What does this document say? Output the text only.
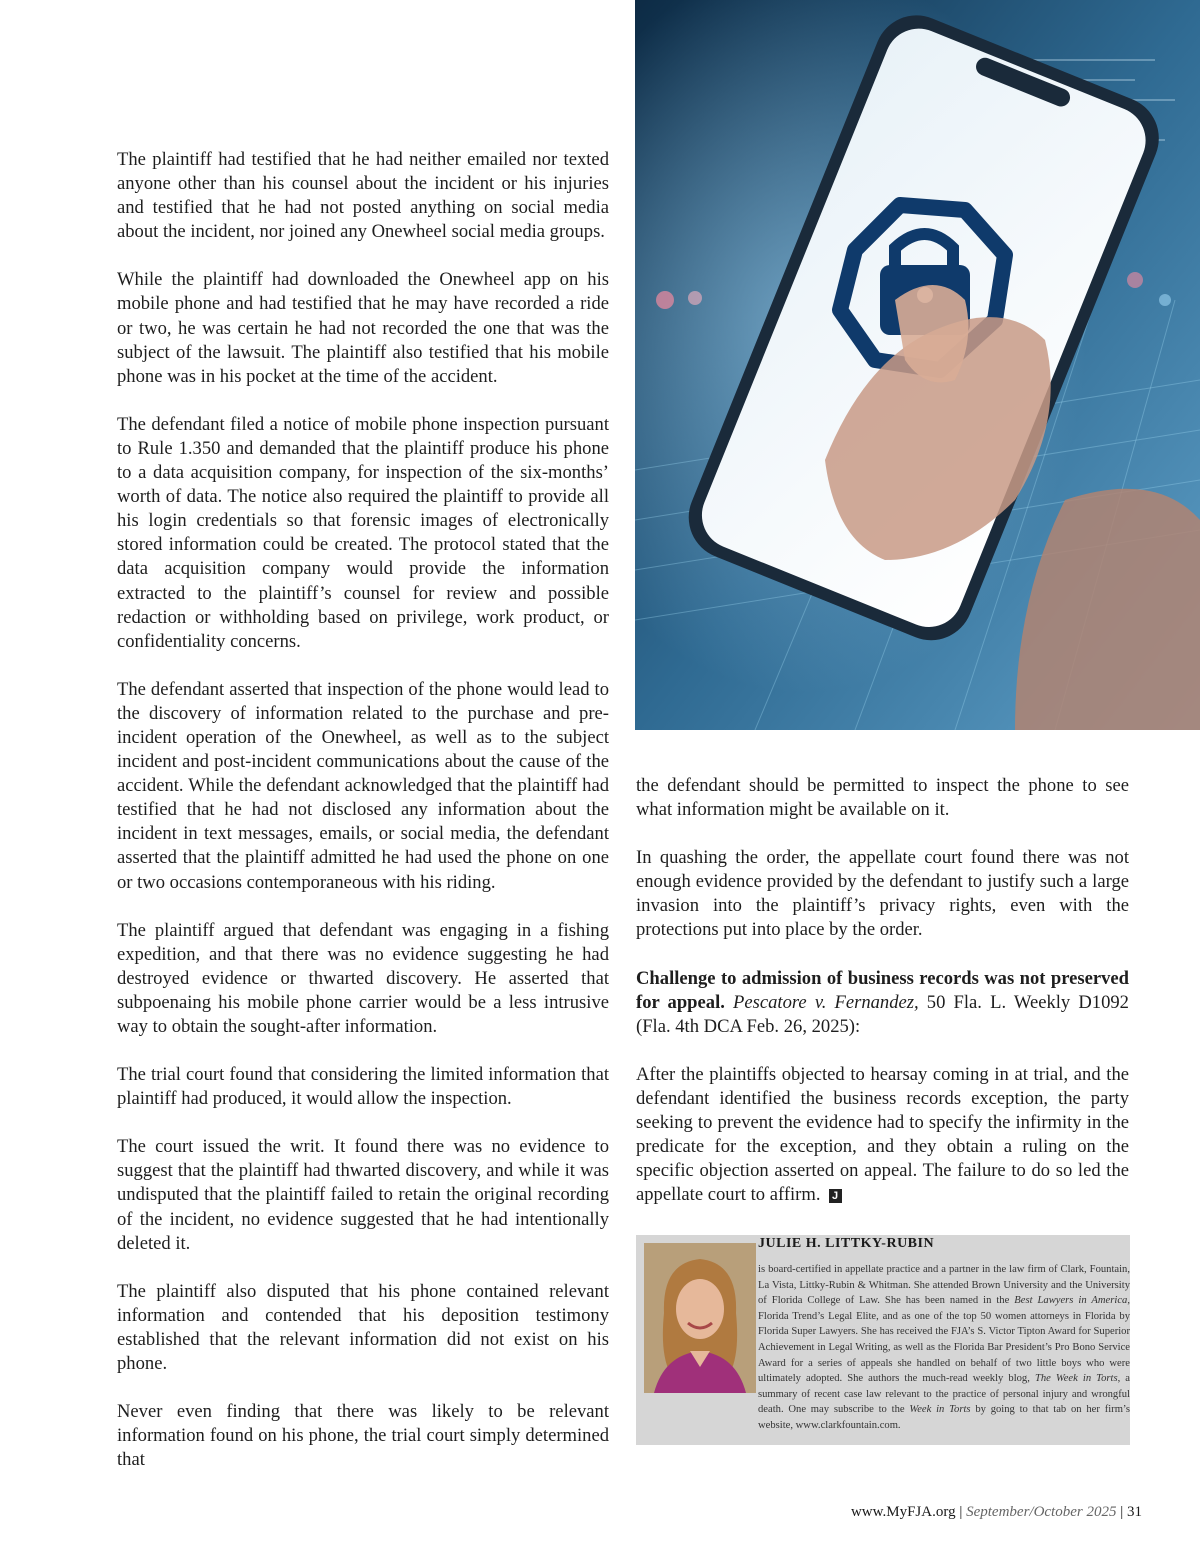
The plaintiff had testified that he had neither emailed nor texted anyone other than his counsel about the incident or his injuries and testified that he had not posted anything on social media about the incident, nor joined any Onewheel social media groups.

While the plaintiff had downloaded the Onewheel app on his mobile phone and had testified that he may have recorded a ride or two, he was certain he had not recorded the one that was the subject of the lawsuit. The plaintiff also testified that his mobile phone was in his pocket at the time of the accident.

The defendant filed a notice of mobile phone inspection pursuant to Rule 1.350 and demanded that the plaintiff produce his phone to a data acquisition company, for inspection of the six-months’ worth of data. The notice also required the plaintiff to provide all his login credentials so that forensic images of electronically stored information could be created. The protocol stated that the data acquisition company would provide the information extracted to the plaintiff’s counsel for review and possible redaction or withholding based on privilege, work product, or confidentiality concerns.

The defendant asserted that inspection of the phone would lead to the discovery of information related to the purchase and pre-incident operation of the Onewheel, as well as to the subject incident and post-incident communications about the cause of the accident. While the defendant acknowledged that the plaintiff had testified that he had not disclosed any information about the incident in text messages, emails, or social media, the defendant asserted that the plaintiff admitted he had used the phone on one or two occasions contemporaneous with his riding.

The plaintiff argued that defendant was engaging in a fishing expedition, and that there was no evidence suggesting he had destroyed evidence or thwarted discovery. He asserted that subpoenaing his mobile phone carrier would be a less intrusive way to obtain the sought-after information.

The trial court found that considering the limited information that plaintiff had produced, it would allow the inspection.

The court issued the writ. It found there was no evidence to suggest that the plaintiff had thwarted discovery, and while it was undisputed that the plaintiff failed to retain the original recording of the incident, no evidence suggested that he had intentionally deleted it.

The plaintiff also disputed that his phone contained relevant information and contended that his deposition testimony established that the relevant information did not exist on his phone.

Never even finding that there was likely to be relevant information found on his phone, the trial court simply determined that

the defendant should be permitted to inspect the phone to see what information might be available on it.

In quashing the order, the appellate court found there was not enough evidence provided by the defendant to justify such a large invasion into the plaintiff’s privacy rights, even with the protections put into place by the order.

Challenge to admission of business records was not preserved for appeal. Pescatore v. Fernandez, 50 Fla. L. Weekly D1092 (Fla. 4th DCA Feb. 26, 2025):

After the plaintiffs objected to hearsay coming in at trial, and the defendant identified the business records exception, the party seeking to prevent the evidence had to specify the infirmity in the predicate for the exception, and they obtain a ruling on the specific objection asserted on appeal. The failure to do so led the appellate court to affirm. J

JULIE H. LITTKY-RUBIN
is board-certified in appellate practice and a partner in the law firm of Clark, Fountain, La Vista, Littky-Rubin & Whitman. She attended Brown University and the University of Florida College of Law. She has been named in the Best Lawyers in America, Florida Trend’s Legal Elite, and as one of the top 50 women attorneys in Florida by Florida Super Lawyers. She has received the FJA’s S. Victor Tipton Award for Superior Achievement in Legal Writing, as well as the Florida Bar President’s Pro Bono Service Award for a series of appeals she handled on behalf of two little boys who were ultimately adopted. She authors the much-read weekly blog, The Week in Torts, a summary of recent case law relevant to the practice of personal injury and wrongful death. One may subscribe to the Week in Torts by going to that tab on her firm’s website, www.clarkfountain.com.
www.MyFJA.org | September/October 2025 | 31
